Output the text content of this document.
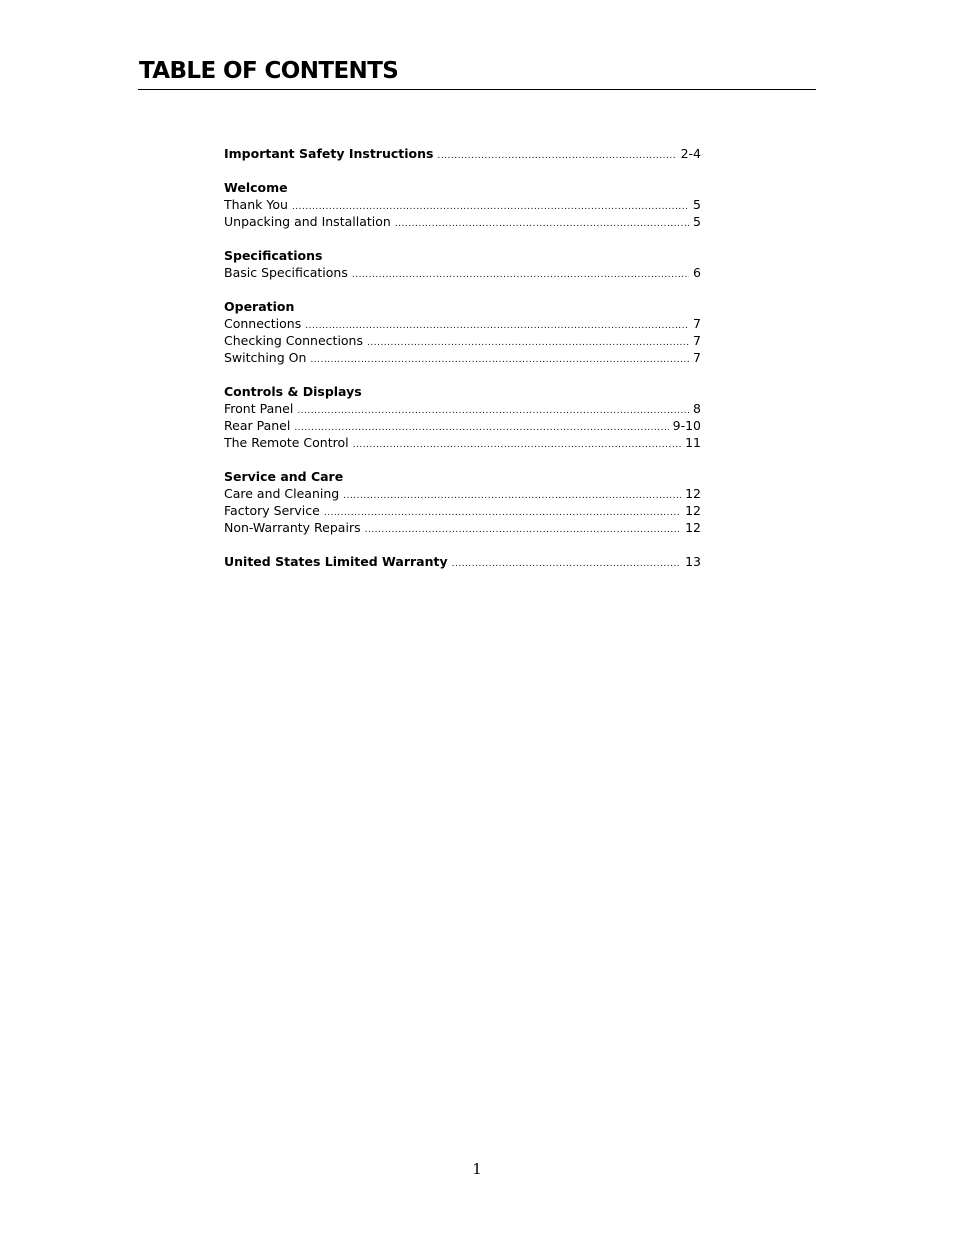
TABLE OF CONTENTS
Important Safety Instructions .....	2-4
Welcome
Thank You .....	5
Unpacking and Installation .....	5
Specifications
Basic Specifications .....	6
Operation
Connections .....	7
Checking Connections .....	7
Switching On .....	7
Controls & Displays
Front Panel .....	8
Rear Panel .....	9-10
The Remote Control .....	11
Service and Care
Care and Cleaning .....	12
Factory Service .....	12
Non-Warranty Repairs .....	12
United States Limited Warranty .....	13
1
